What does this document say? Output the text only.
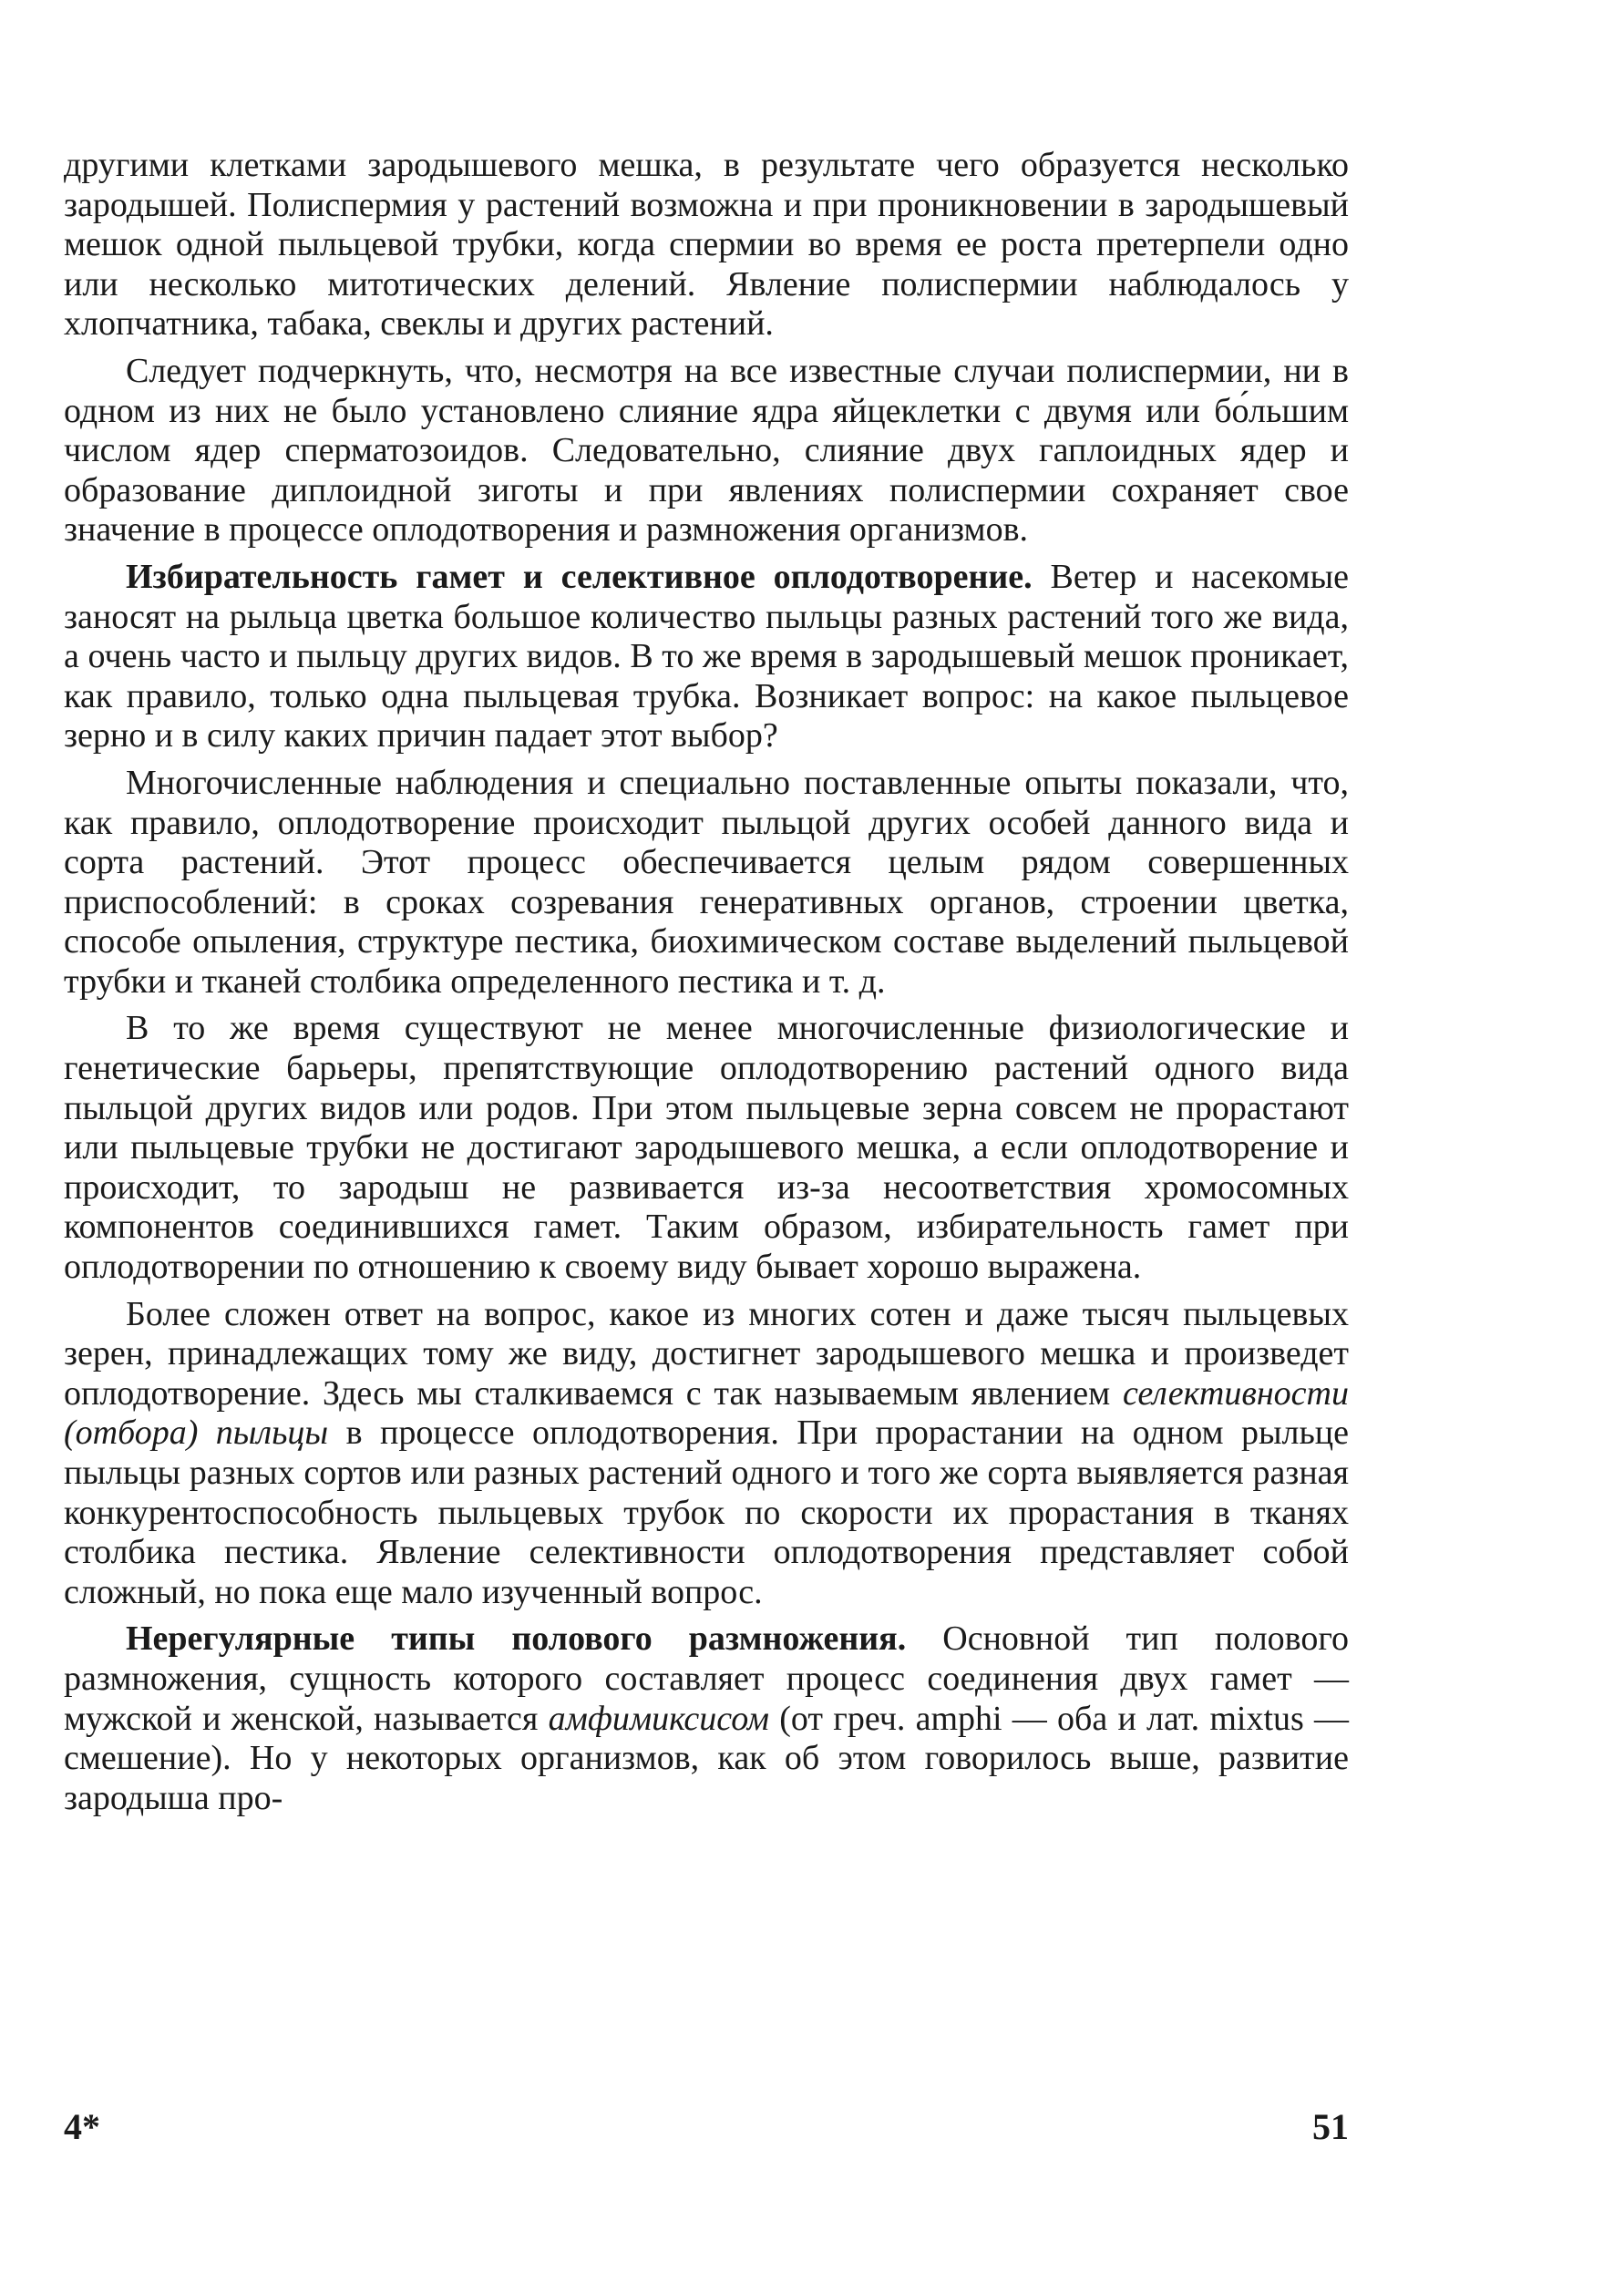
другими клетками зародышевого мешка, в результате чего образуется несколько зародышей. Полиспермия у растений возможна и при проникновении в зародышевый мешок одной пыльцевой трубки, когда спермии во время ее роста претерпели одно или несколько митотических делений. Явление полиспермии наблюдалось у хлопчатника, табака, свеклы и других растений.

Следует подчеркнуть, что, несмотря на все известные случаи полиспермии, ни в одном из них не было установлено слияние ядра яйцеклетки с двумя или бо́льшим числом ядер сперматозоидов. Следовательно, слияние двух гаплоидных ядер и образование диплоидной зиготы и при явлениях полиспермии сохраняет свое значение в процессе оплодотворения и размножения организмов.

Избирательность гамет и селективное оплодотворение. Ветер и насекомые заносят на рыльца цветка большое количество пыльцы разных растений того же вида, а очень часто и пыльцу других видов. В то же время в зародышевый мешок проникает, как правило, только одна пыльцевая трубка. Возникает вопрос: на какое пыльцевое зерно и в силу каких причин падает этот выбор?

Многочисленные наблюдения и специально поставленные опыты показали, что, как правило, оплодотворение происходит пыльцой других особей данного вида и сорта растений. Этот процесс обеспечивается целым рядом совершенных приспособлений: в сроках созревания генеративных органов, строении цветка, способе опыления, структуре пестика, биохимическом составе выделений пыльцевой трубки и тканей столбика определенного пестика и т. д.

В то же время существуют не менее многочисленные физиологические и генетические барьеры, препятствующие оплодотворению растений одного вида пыльцой других видов или родов. При этом пыльцевые зерна совсем не прорастают или пыльцевые трубки не достигают зародышевого мешка, а если оплодотворение и происходит, то зародыш не развивается из-за несоответствия хромосомных компонентов соединившихся гамет. Таким образом, избирательность гамет при оплодотворении по отношению к своему виду бывает хорошо выражена.

Более сложен ответ на вопрос, какое из многих сотен и даже тысяч пыльцевых зерен, принадлежащих тому же виду, достигнет зародышевого мешка и произведет оплодотворение. Здесь мы сталкиваемся с так называемым явлением селективности (отбора) пыльцы в процессе оплодотворения. При прорастании на одном рыльце пыльцы разных сортов или разных растений одного и того же сорта выявляется разная конкурентоспособность пыльцевых трубок по скорости их прорастания в тканях столбика пестика. Явление селективности оплодотворения представляет собой сложный, но пока еще мало изученный вопрос.

Нерегулярные типы полового размножения. Основной тип полового размножения, сущность которого составляет процесс соединения двух гамет — мужской и женской, называется амфимиксисом (от греч. amphi — оба и лат. mixtus — смешение). Но у некоторых организмов, как об этом говорилось выше, развитие зародыша про-

4*	51
